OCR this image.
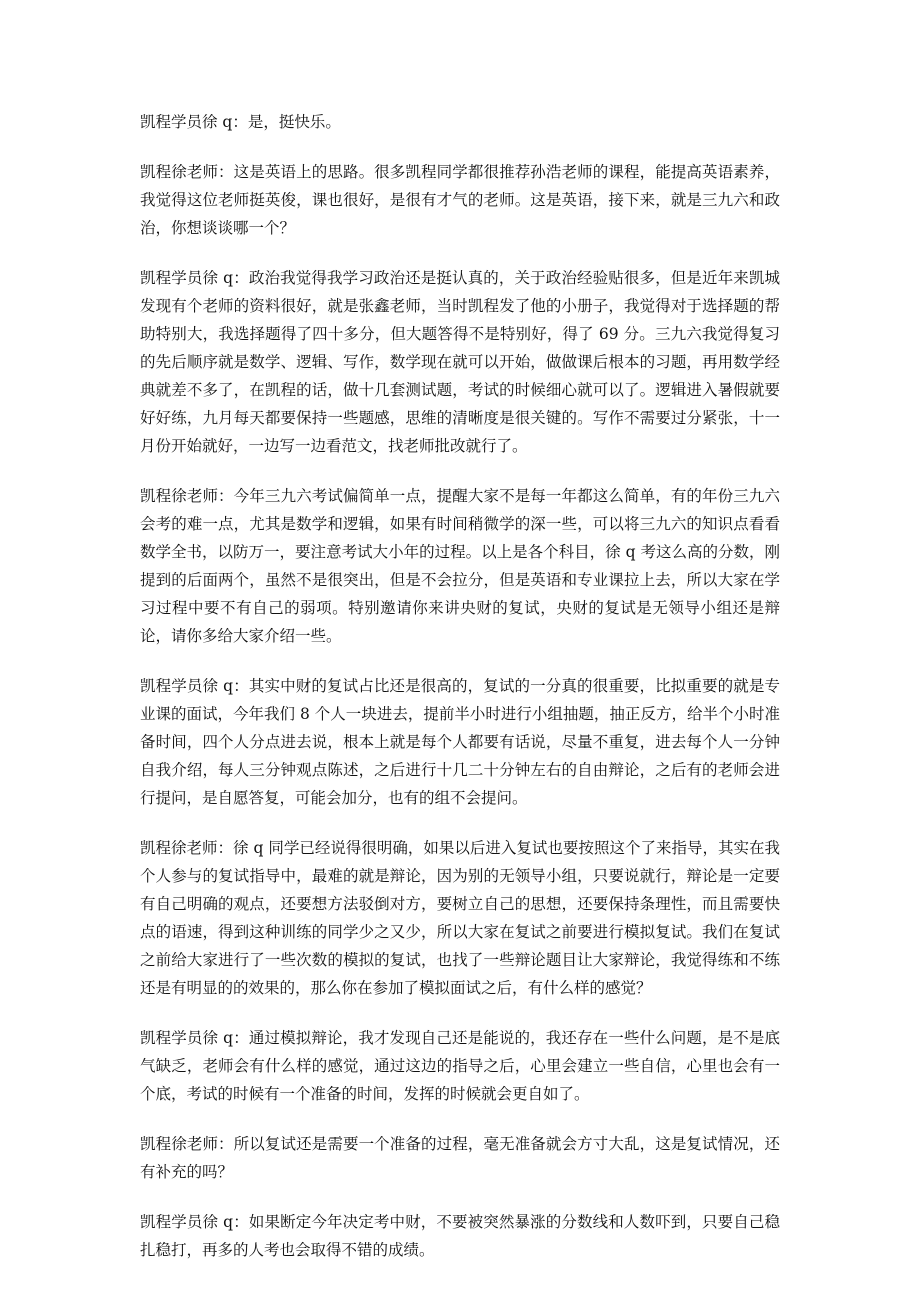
凯程学员徐 q：是，挺快乐。

凯程徐老师：这是英语上的思路。很多凯程同学都很推荐孙浩老师的课程，能提高英语素养，我觉得这位老师挺英俊，课也很好，是很有才气的老师。这是英语，接下来，就是三九六和政治，你想谈谈哪一个？

凯程学员徐 q：政治我觉得我学习政治还是挺认真的，关于政治经验贴很多，但是近年来凯城发现有个老师的资料很好，就是张鑫老师，当时凯程发了他的小册子，我觉得对于选择题的帮助特别大，我选择题得了四十多分，但大题答得不是特别好，得了 69 分。三九六我觉得复习的先后顺序就是数学、逻辑、写作，数学现在就可以开始，做做课后根本的习题，再用数学经典就差不多了，在凯程的话，做十几套测试题，考试的时候细心就可以了。逻辑进入暑假就要好好练，九月每天都要保持一些题感，思维的清晰度是很关键的。写作不需要过分紧张，十一月份开始就好，一边写一边看范文，找老师批改就行了。

凯程徐老师：今年三九六考试偏简单一点，提醒大家不是每一年都这么简单，有的年份三九六会考的难一点，尤其是数学和逻辑，如果有时间稍微学的深一些，可以将三九六的知识点看看数学全书，以防万一，要注意考试大小年的过程。以上是各个科目，徐 q 考这么高的分数，刚提到的后面两个，虽然不是很突出，但是不会拉分，但是英语和专业课拉上去，所以大家在学习过程中要不有自己的弱项。特别邀请你来讲央财的复试，央财的复试是无领导小组还是辩论，请你多给大家介绍一些。

凯程学员徐 q：其实中财的复试占比还是很高的，复试的一分真的很重要，比拟重要的就是专业课的面试，今年我们 8 个人一块进去，提前半小时进行小组抽题，抽正反方，给半个小时准备时间，四个人分点进去说，根本上就是每个人都要有话说，尽量不重复，进去每个人一分钟自我介绍，每人三分钟观点陈述，之后进行十几二十分钟左右的自由辩论，之后有的老师会进行提问，是自愿答复，可能会加分，也有的组不会提问。

凯程徐老师：徐 q 同学已经说得很明确，如果以后进入复试也要按照这个了来指导，其实在我个人参与的复试指导中，最难的就是辩论，因为别的无领导小组，只要说就行，辩论是一定要有自己明确的观点，还要想方法驳倒对方，要树立自己的思想，还要保持条理性，而且需要快点的语速，得到这种训练的同学少之又少，所以大家在复试之前要进行模拟复试。我们在复试之前给大家进行了一些次数的模拟的复试，也找了一些辩论题目让大家辩论，我觉得练和不练还是有明显的的效果的，那么你在参加了模拟面试之后，有什么样的感觉？

凯程学员徐 q：通过模拟辩论，我才发现自己还是能说的，我还存在一些什么问题，是不是底气缺乏，老师会有什么样的感觉，通过这边的指导之后，心里会建立一些自信，心里也会有一个底，考试的时候有一个准备的时间，发挥的时候就会更自如了。

凯程徐老师：所以复试还是需要一个准备的过程，毫无准备就会方寸大乱，这是复试情况，还有补充的吗？

凯程学员徐 q：如果断定今年决定考中财，不要被突然暴涨的分数线和人数吓到，只要自己稳扎稳打，再多的人考也会取得不错的成绩。
